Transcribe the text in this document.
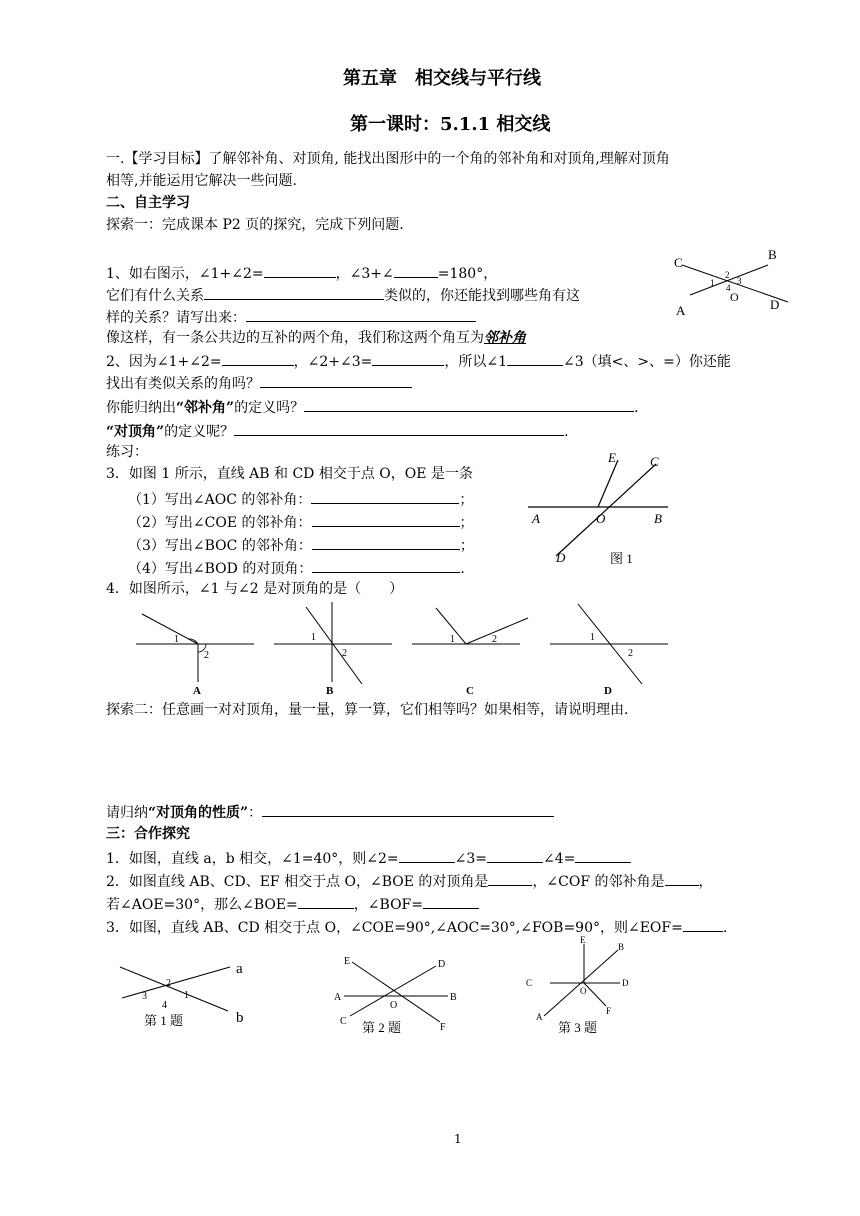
第五章　相交线与平行线
第一课时：5.1.1 相交线
一.【学习目标】了解邻补角、对顶角, 能找出图形中的一个角的邻补角和对顶角,理解对顶角
相等,并能运用它解决一些问题.
二、自主学习
探索一：完成课本 P2 页的探究，完成下列问题.
1、如右图示，∠1+∠2=	，∠3+∠	=180°，
它们有什么关系	类似的，你还能找到哪些角有这
样的关系？请写出来：
像这样，有一条公共边的互补的两个角，我们称这两个角互为邻补角
2、因为∠1+∠2=	，∠2+∠3=	，所以∠1	∠3（填<、>、=）你还能
找出有类似关系的角吗？
你能归纳出“邻补角”的定义吗？	.
“对顶角”的定义呢？	.
练习：
3．如图 1 所示，直线 AB 和 CD 相交于点 O，OE 是一条
（1）写出∠AOC 的邻补角：	；
（2）写出∠COE 的邻补角：	；
（3）写出∠BOC 的邻补角：	；
（4）写出∠BOD 的对顶角：	.
4．如图所示，∠1 与∠2 是对顶角的是（　　）
C
B
A	D
O
1
2
3
4
E	C
A	O	B
D	图 1
1
2
A
1
2
B
1	2
C
1
2
D
探索二：任意画一对对顶角，量一量，算一算，它们相等吗？如果相等，请说明理由.
请归纳“对顶角的性质”：
三：合作探究
1．如图，直线 a，b 相交，∠1=40°，则∠2=	∠3=	∠4=
2．如图直线 AB、CD、EF 相交于点 O，∠BOE 的对顶角是	，∠COF 的邻补角是 ，
若∠AOE=30°，那么∠BOE=	，∠BOF=
3．如图，直线 AB、CD 相交于点 O，∠COE=90°,∠AOC=30°,∠FOB=90°，则∠EOF=	.
a
b
2
3	1
4
第 1 题
E	D
A	B
O
C
F
第 2 题
E
B
C	D
O
F
A
第 3 题
1
